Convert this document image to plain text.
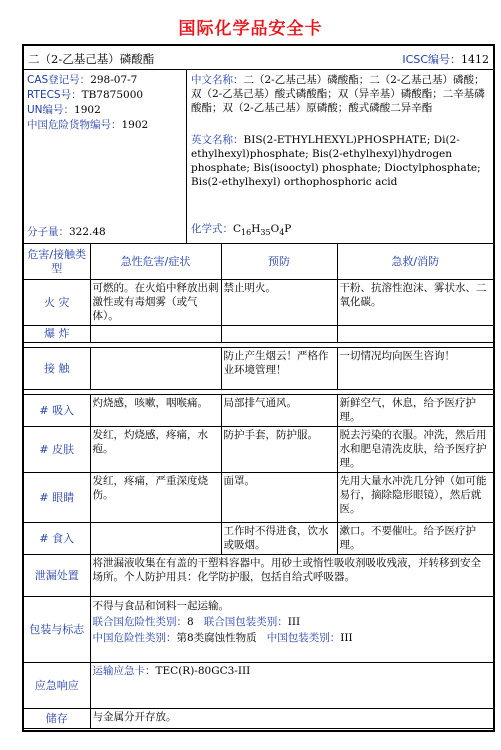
国际化学品安全卡
二（2-乙基己基）磷酸酯	ICSC编号：1412
CAS登记号：298-07-7
RTECS号：TB7875000
UN编号：1902
中国危险货物编号：1902
分子量：322.48
中文名称：二（2-乙基己基）磷酸酯；二（2-乙基己基）磷酸；双（2-乙基己基）酸式磷酸酯；双（异辛基）磷酸酯；二辛基磷酸酯；双（2-乙基己基）原磷酸；酸式磷酸二异辛酯
英文名称：BIS(2-ETHYLHEXYL)PHOSPHATE; Di(2-ethylhexyl)phosphate; Bis(2-ethylhexyl)hydrogen phosphate; Bis(isooctyl) phosphate; Dioctylphosphate; Bis(2-ethylhexyl) orthophosphoric acid
化学式：$C_{16}H_{35}O_4P$
危害/接触类型	急性危害/症状	预防	急救/消防
火 灾	可燃的。在火焰中释放出刺激性或有毒烟雾（或气体）。	禁止明火。	干粉、抗溶性泡沫、雾状水、二氧化碳。
爆 炸			

接 触		防止产生烟云！严格作业环境管理！	一切情况均向医生咨询！

# 吸入	灼烧感，咳嗽，咽喉痛。	局部排气通风。	新鲜空气，休息，给予医疗护理。
# 皮肤	发红，灼烧感，疼痛，水疱。	防护手套，防护服。	脱去污染的衣服。冲洗，然后用水和肥皂清洗皮肤，给予医疗护理。
# 眼睛	发红，疼痛，严重深度烧伤。	面罩。	先用大量水冲洗几分钟（如可能易行，摘除隐形眼镜），然后就医。
# 食入		工作时不得进食，饮水或吸烟。	漱口。不要催吐。给予医疗护理。
泄漏处置	将泄漏液收集在有盖的干塑料容器中。用砂土或惰性吸收剂吸收残液，并转移到安全场所。个人防护用具：化学防护服，包括自给式呼吸器。		
包装与标志	不得与食品和饲料一起运输。
联合国危险性类别：8 联合国包装类别：III
中国危险性类别：第8类腐蚀性物质 中国包装类别：III		

应急响应	运输应急卡：TEC(R)-80GC3-III		
储存	与金属分开存放。		
